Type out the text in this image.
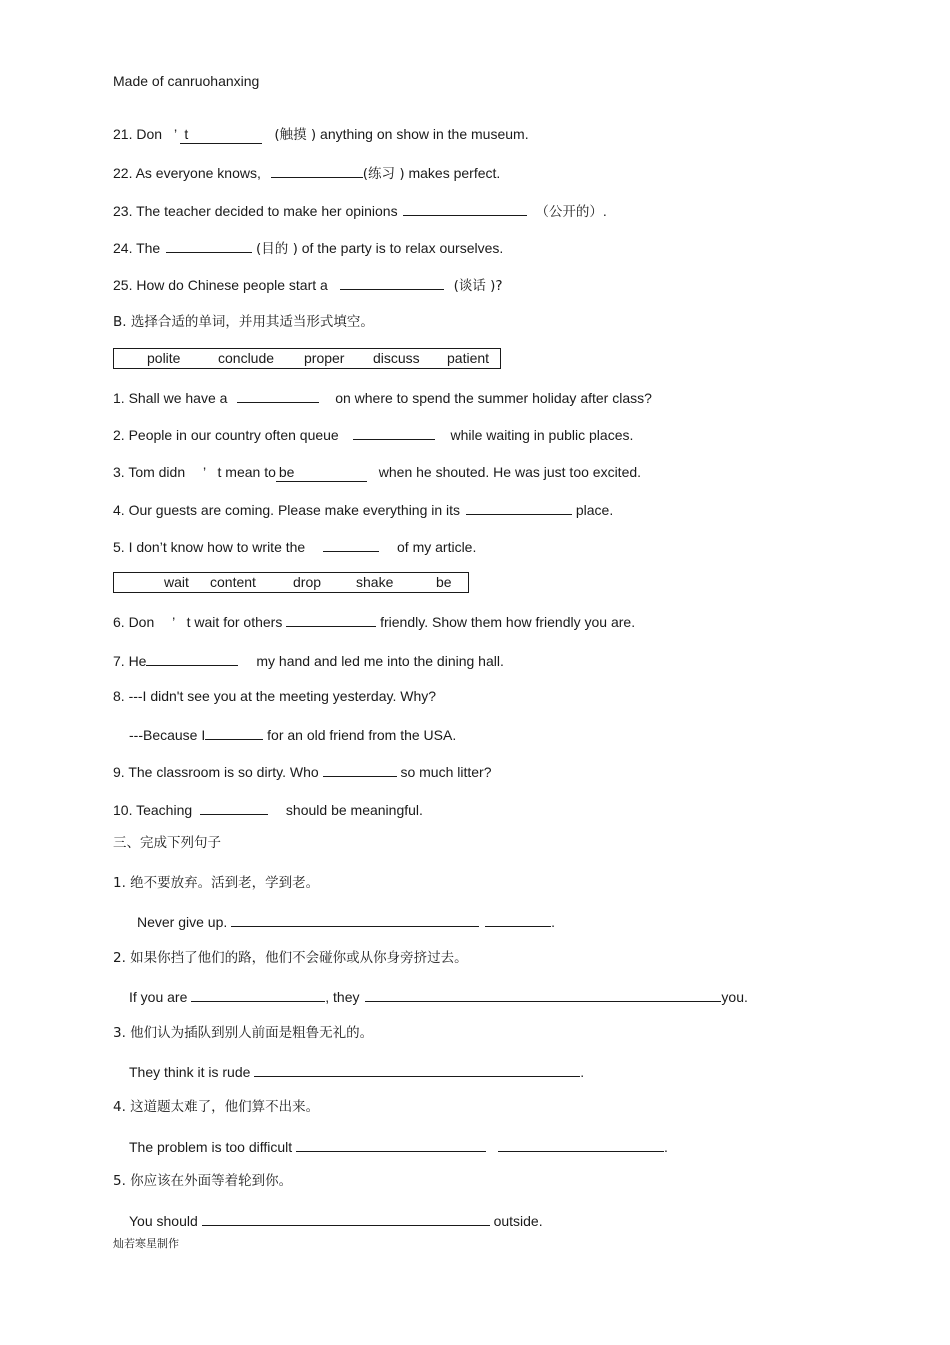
Made of canruohanxing
21. Don ’ t	(触摸 ) anything on show in the museum.
22. As everyone knows,	(练习 ) makes perfect.
23. The teacher decided to make her opinions	（公开的）.
24. The	(目的 ) of the party is to relax ourselves.
25. How do Chinese people start a	(谈话 )?
B. 选择合适的单词，并用其适当形式填空。
polite	conclude proper discuss patient
1. Shall we have a	on where to spend the summer holiday after class?
2. People in our country often queue	while waiting in public places.
3. Tom didn ’ t mean to be	when he shouted. He was just too excited.
4. Our guests are coming. Please make everything in its	place.
5. I don’t know how to write the	of my article.
wait content	drop shake	be
6. Don ’ t wait for others	friendly. Show them how friendly you are.
7. He	my hand and led me into the dining hall.
8. ---I didn't see you at the meeting yesterday. Why?
---Because I	for an old friend from the USA.
9. The classroom is so dirty. Who	so much litter?
10. Teaching	should be meaningful.
三、完成下列句子
1. 绝不要放弃。活到老，学到老。
Never give up.	.
2. 如果你挡了他们的路，他们不会碰你或从你身旁挤过去。
If you are	, they	you.
3. 他们认为插队到别人前面是粗鲁无礼的。
They think it is rude	.
4. 这道题太难了，他们算不出来。
The problem is too difficult	.
5. 你应该在外面等着轮到你。
You should	outside.
灿若寒星制作
